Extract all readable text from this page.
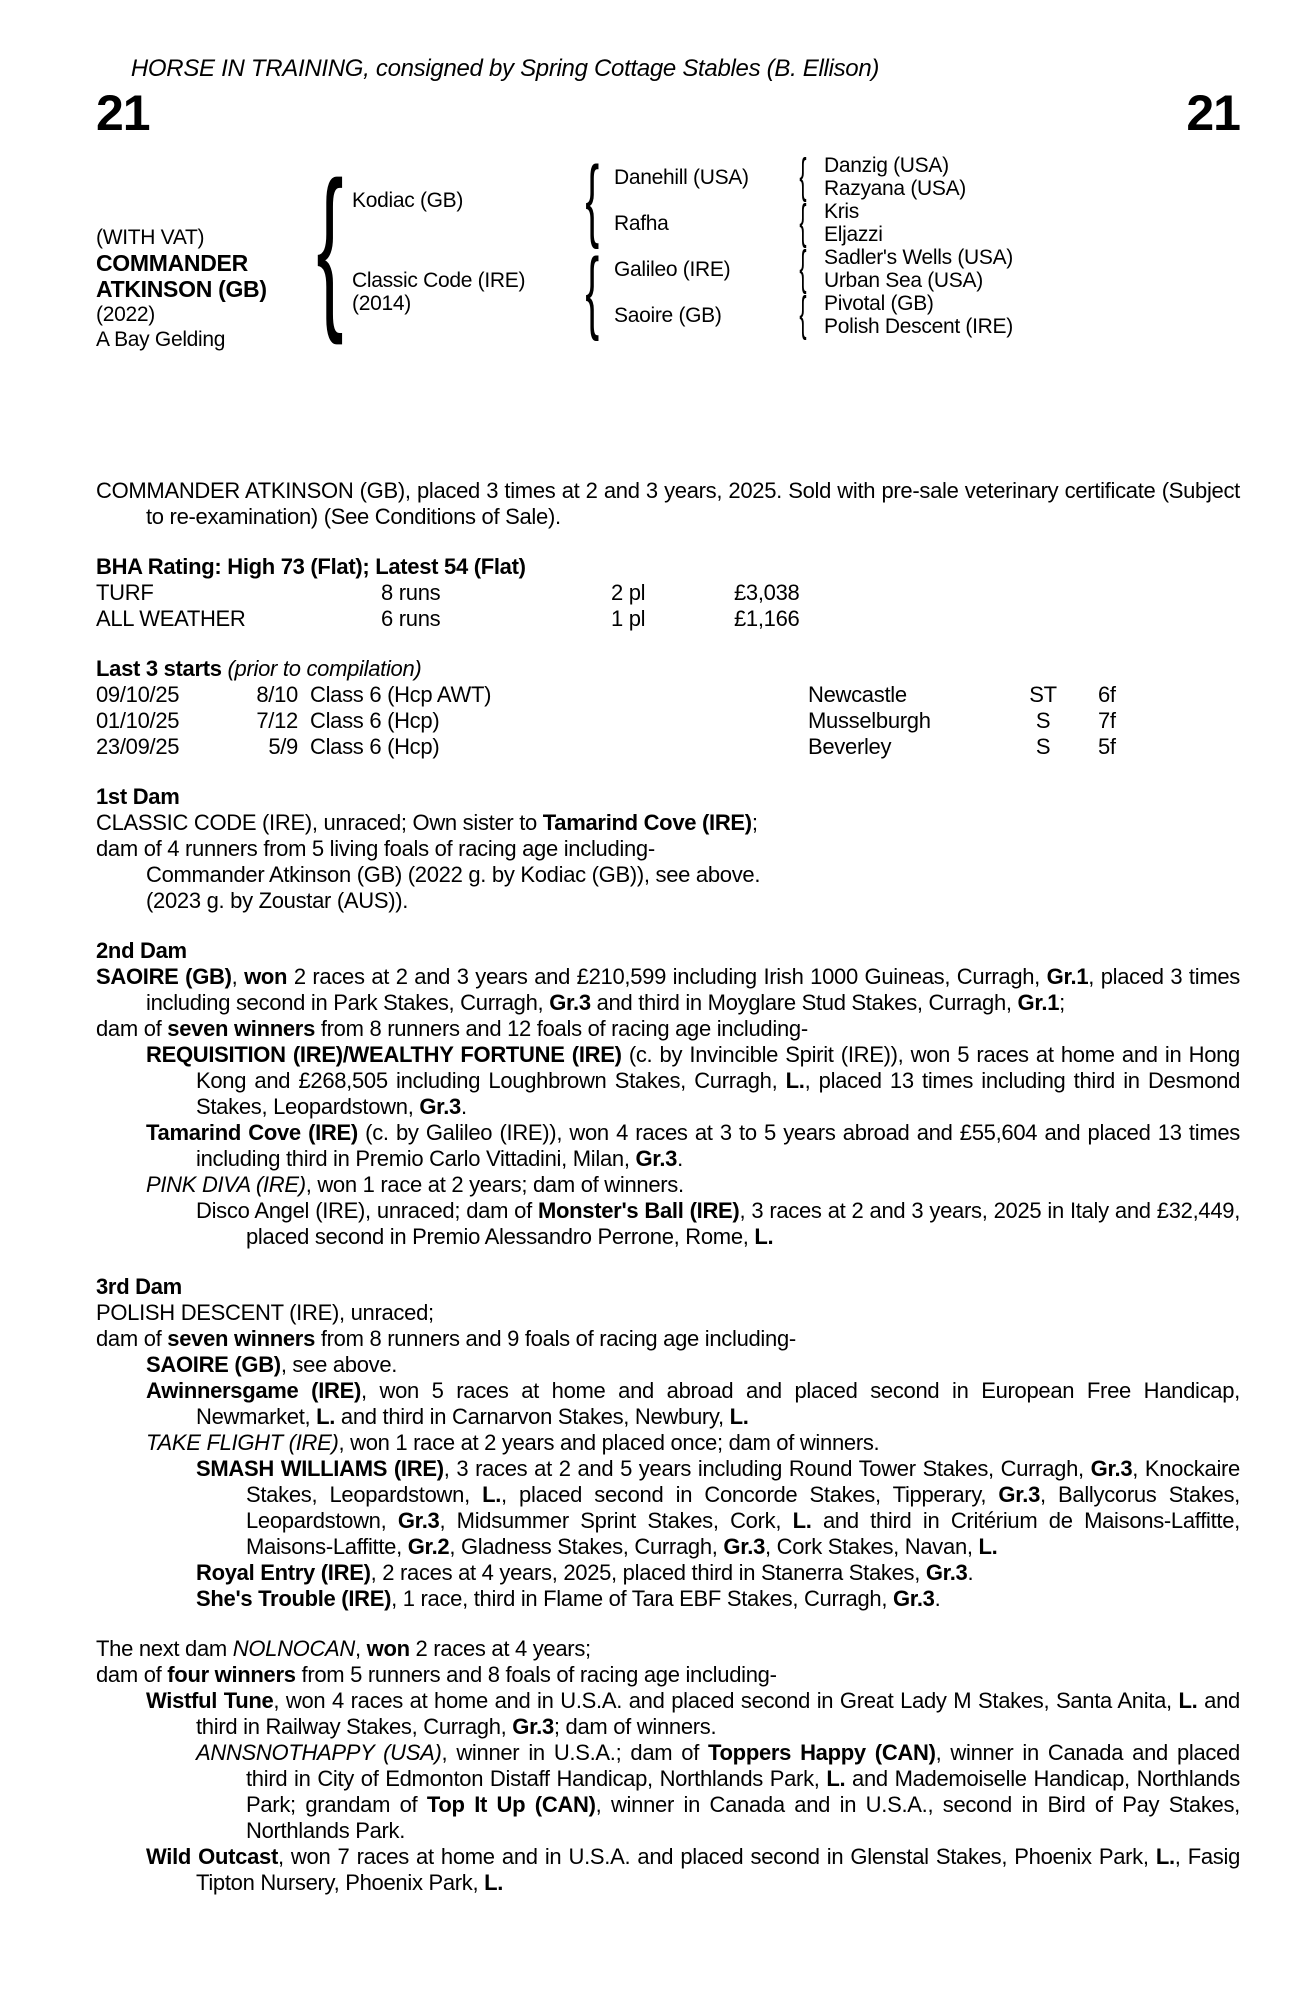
HORSE IN TRAINING, consigned by Spring Cottage Stables (B. Ellison)
21	21
(WITH VAT)
COMMANDER ATKINSON (GB)
(2022)
A Bay Gelding { Kodiac (GB)
Classic Code (IRE)
(2014)
{
{
Danehill (USA)
Rafha
Galileo (IRE)
Saoire (GB)
{
{
{
{
Danzig (USA)
Razyana (USA)
Kris
Eljazzi
Sadler's Wells (USA)
Urban Sea (USA)
Pivotal (GB)
Polish Descent (IRE)

COMMANDER ATKINSON (GB), placed 3 times at 2 and 3 years, 2025. Sold with pre-sale veterinary certificate (Subject to re-examination) (See Conditions of Sale).

BHA Rating: High 73 (Flat); Latest 54 (Flat)
TURF	8 runs	2 pl	£3,038
ALL WEATHER	6 runs	1 pl	£1,166
Last 3 starts (prior to compilation)
09/10/25	8/10 Class 6 (Hcp AWT)	Newcastle	ST	6f
01/10/25	7/12 Class 6 (Hcp)	Musselburgh	S	7f
23/09/25	5/9 Class 6 (Hcp)	Beverley	S	5f

1st Dam

CLASSIC CODE (IRE), unraced; Own sister to Tamarind Cove (IRE);

dam of 4 runners from 5 living foals of racing age including-

Commander Atkinson (GB) (2022 g. by Kodiac (GB)), see above.

(2023 g. by Zoustar (AUS)).

2nd Dam

SAOIRE (GB), won 2 races at 2 and 3 years and £210,599 including Irish 1000 Guineas, Curragh, Gr.1, placed 3 times including second in Park Stakes, Curragh, Gr.3 and third in Moyglare Stud Stakes, Curragh, Gr.1;

dam of seven winners from 8 runners and 12 foals of racing age including-

REQUISITION (IRE)/WEALTHY FORTUNE (IRE) (c. by Invincible Spirit (IRE)), won 5 races at home and in Hong Kong and £268,505 including Loughbrown Stakes, Curragh, L., placed 13 times including third in Desmond Stakes, Leopardstown, Gr.3.

Tamarind Cove (IRE) (c. by Galileo (IRE)), won 4 races at 3 to 5 years abroad and £55,604 and placed 13 times including third in Premio Carlo Vittadini, Milan, Gr.3.

PINK DIVA (IRE), won 1 race at 2 years; dam of winners.

Disco Angel (IRE), unraced; dam of Monster's Ball (IRE), 3 races at 2 and 3 years, 2025 in Italy and £32,449, placed second in Premio Alessandro Perrone, Rome, L.

3rd Dam

POLISH DESCENT (IRE), unraced;

dam of seven winners from 8 runners and 9 foals of racing age including-

SAOIRE (GB), see above.

Awinnersgame (IRE), won 5 races at home and abroad and placed second in European Free Handicap, Newmarket, L. and third in Carnarvon Stakes, Newbury, L.

TAKE FLIGHT (IRE), won 1 race at 2 years and placed once; dam of winners.

SMASH WILLIAMS (IRE), 3 races at 2 and 5 years including Round Tower Stakes, Curragh, Gr.3, Knockaire Stakes, Leopardstown, L., placed second in Concorde Stakes, Tipperary, Gr.3, Ballycorus Stakes, Leopardstown, Gr.3, Midsummer Sprint Stakes, Cork, L. and third in Critérium de Maisons-Laffitte, Maisons-Laffitte, Gr.2, Gladness Stakes, Curragh, Gr.3, Cork Stakes, Navan, L.

Royal Entry (IRE), 2 races at 4 years, 2025, placed third in Stanerra Stakes, Gr.3.

She's Trouble (IRE), 1 race, third in Flame of Tara EBF Stakes, Curragh, Gr.3.

The next dam NOLNOCAN, won 2 races at 4 years;

dam of four winners from 5 runners and 8 foals of racing age including-

Wistful Tune, won 4 races at home and in U.S.A. and placed second in Great Lady M Stakes, Santa Anita, L. and third in Railway Stakes, Curragh, Gr.3; dam of winners.

ANNSNOTHAPPY (USA), winner in U.S.A.; dam of Toppers Happy (CAN), winner in Canada and placed third in City of Edmonton Distaff Handicap, Northlands Park, L. and Mademoiselle Handicap, Northlands Park; grandam of Top It Up (CAN), winner in Canada and in U.S.A., second in Bird of Pay Stakes, Northlands Park.

Wild Outcast, won 7 races at home and in U.S.A. and placed second in Glenstal Stakes, Phoenix Park, L., Fasig Tipton Nursery, Phoenix Park, L.
